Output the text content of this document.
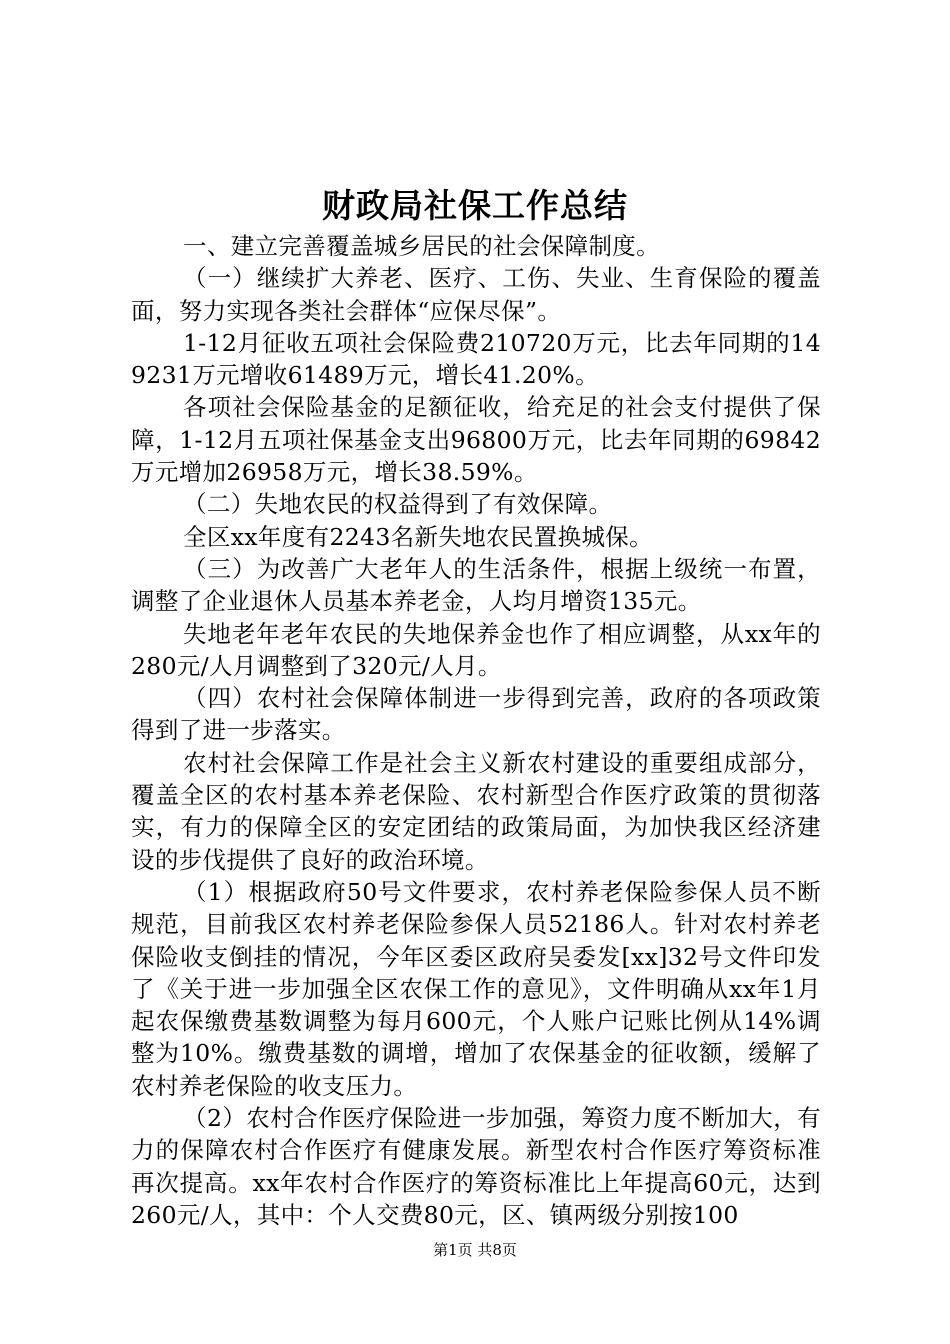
财政局社保工作总结

一、建立完善覆盖城乡居民的社会保障制度。

（一）继续扩大养老、医疗、工伤、失业、生育保险的覆盖面，努力实现各类社会群体“应保尽保”。

1-12月征收五项社会保险费210720万元，比去年同期的149231万元增收61489万元，增长41.20%。

各项社会保险基金的足额征收，给充足的社会支付提供了保障，1-12月五项社保基金支出96800万元，比去年同期的69842万元增加26958万元，增长38.59%。

（二）失地农民的权益得到了有效保障。

全区xx年度有2243名新失地农民置换城保。

（三）为改善广大老年人的生活条件，根据上级统一布置，调整了企业退休人员基本养老金，人均月增资135元。

失地老年老年农民的失地保养金也作了相应调整，从xx年的280元/人月调整到了320元/人月。

（四）农村社会保障体制进一步得到完善，政府的各项政策得到了进一步落实。

农村社会保障工作是社会主义新农村建设的重要组成部分，覆盖全区的农村基本养老保险、农村新型合作医疗政策的贯彻落实，有力的保障全区的安定团结的政策局面，为加快我区经济建设的步伐提供了良好的政治环境。

（1）根据政府50号文件要求，农村养老保险参保人员不断规范，目前我区农村养老保险参保人员52186人。针对农村养老保险收支倒挂的情况，今年区委区政府吴委发[xx]32号文件印发了《关于进一步加强全区农保工作的意见》，文件明确从xx年1月起农保缴费基数调整为每月600元，个人账户记账比例从14%调整为10%。缴费基数的调增，增加了农保基金的征收额，缓解了农村养老保险的收支压力。

（2）农村合作医疗保险进一步加强，筹资力度不断加大，有力的保障农村合作医疗有健康发展。新型农村合作医疗筹资标准再次提高。xx年农村合作医疗的筹资标准比上年提高60元，达到260元/人，其中：个人交费80元，区、镇两级分别按100

第1页 共8页
